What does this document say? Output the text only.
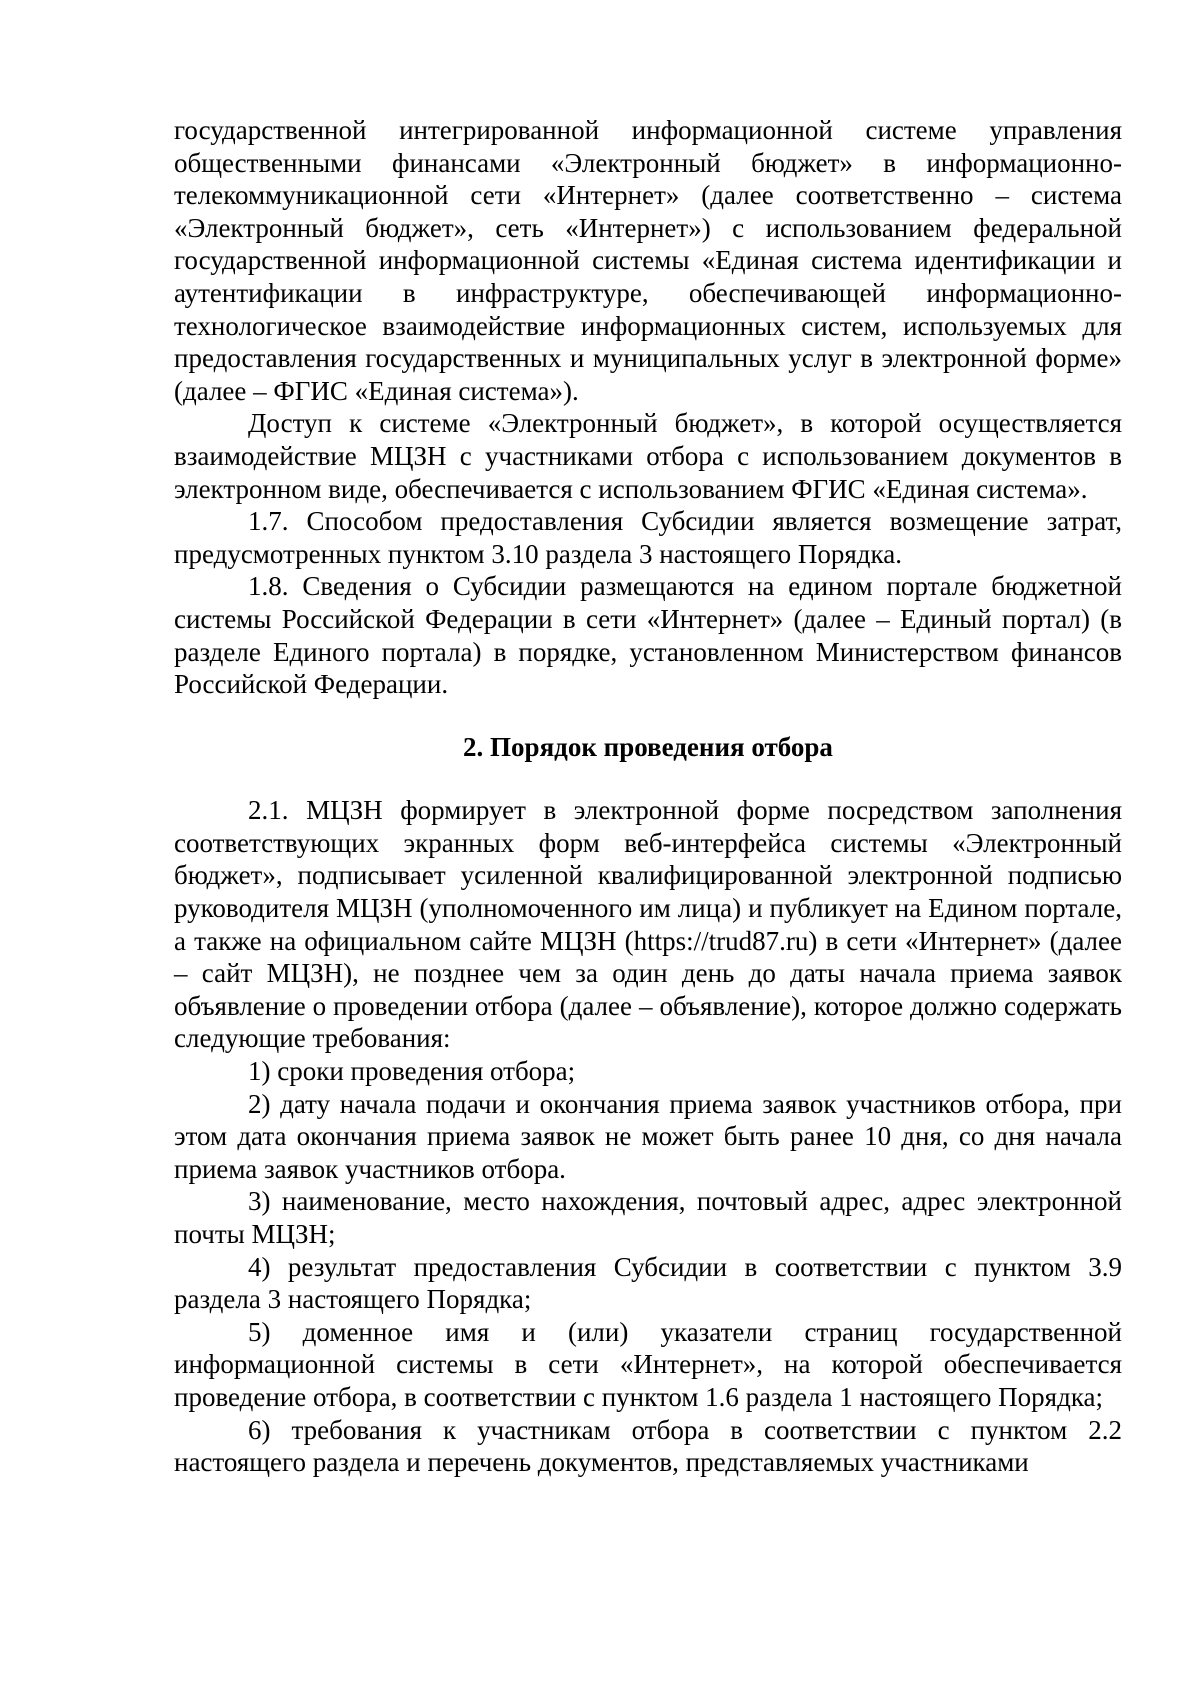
государственной интегрированной информационной системе управления общественными финансами «Электронный бюджет» в информационно-телекоммуникационной сети «Интернет» (далее соответственно – система «Электронный бюджет», сеть «Интернет») с использованием федеральной государственной информационной системы «Единая система идентификации и аутентификации в инфраструктуре, обеспечивающей информационно-технологическое взаимодействие информационных систем, используемых для предоставления государственных и муниципальных услуг в электронной форме» (далее – ФГИС «Единая система»).

Доступ к системе «Электронный бюджет», в которой осуществляется взаимодействие МЦЗН с участниками отбора с использованием документов в электронном виде, обеспечивается с использованием ФГИС «Единая система».

1.7. Способом предоставления Субсидии является возмещение затрат, предусмотренных пунктом 3.10 раздела 3 настоящего Порядка.

1.8. Сведения о Субсидии размещаются на едином портале бюджетной системы Российской Федерации в сети «Интернет» (далее – Единый портал) (в разделе Единого портала) в порядке, установленном Министерством финансов Российской Федерации.

2. Порядок проведения отбора

2.1. МЦЗН формирует в электронной форме посредством заполнения соответствующих экранных форм веб-интерфейса системы «Электронный бюджет», подписывает усиленной квалифицированной электронной подписью руководителя МЦЗН (уполномоченного им лица) и публикует на Едином портале, а также на официальном сайте МЦЗН (https://trud87.ru) в сети «Интернет» (далее – сайт МЦЗН), не позднее чем за один день до даты начала приема заявок объявление о проведении отбора (далее – объявление), которое должно содержать следующие требования:

1) сроки проведения отбора;

2) дату начала подачи и окончания приема заявок участников отбора, при этом дата окончания приема заявок не может быть ранее 10 дня, со дня начала приема заявок участников отбора.

3) наименование, место нахождения, почтовый адрес, адрес электронной почты МЦЗН;

4) результат предоставления Субсидии в соответствии с пунктом 3.9 раздела 3 настоящего Порядка;

5) доменное имя и (или) указатели страниц государственной информационной системы в сети «Интернет», на которой обеспечивается проведение отбора, в соответствии с пунктом 1.6 раздела 1 настоящего Порядка;

6) требования к участникам отбора в соответствии с пунктом 2.2 настоящего раздела и перечень документов, представляемых участниками
